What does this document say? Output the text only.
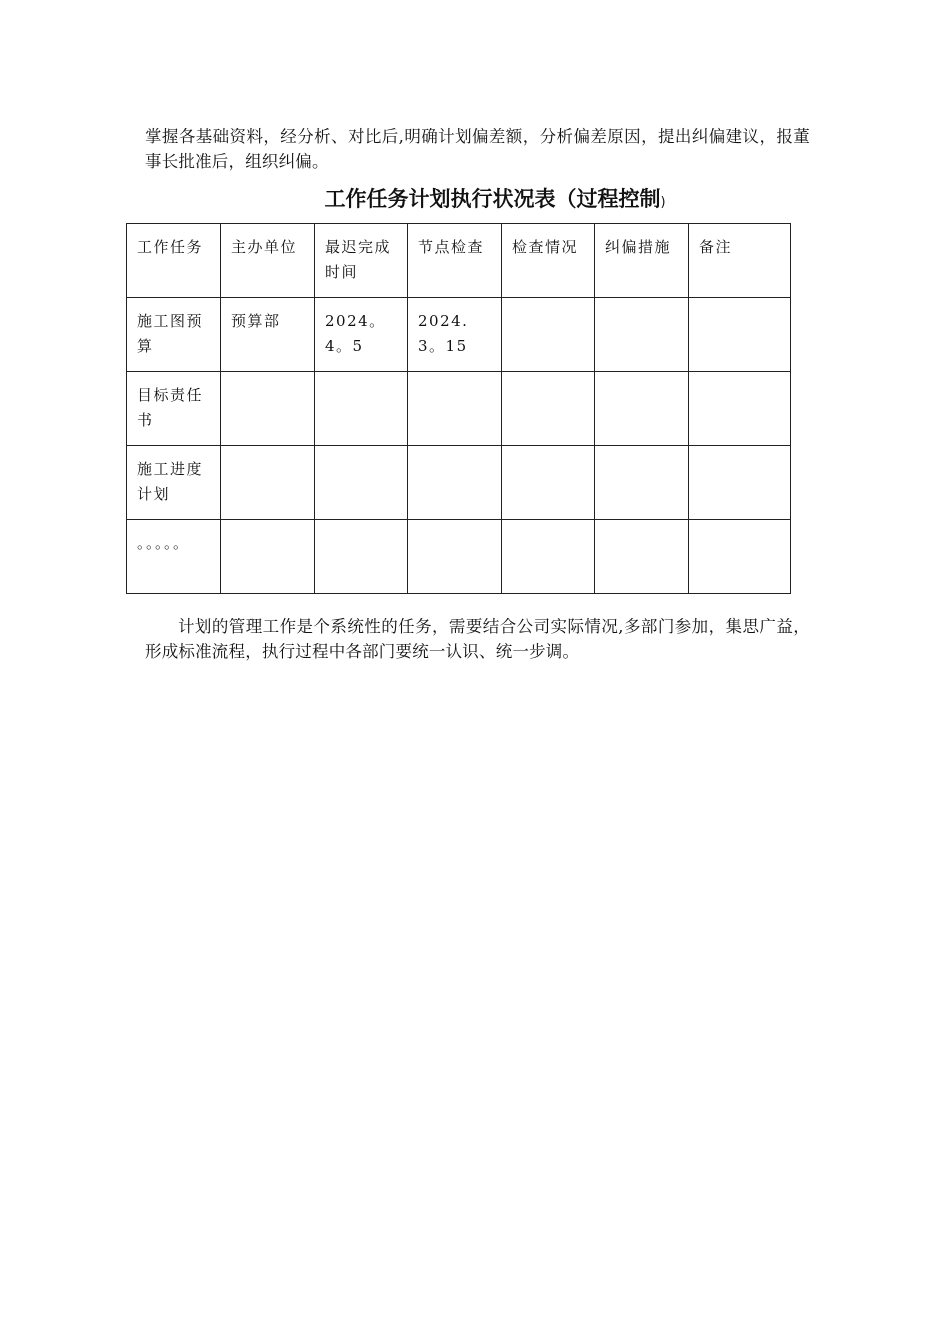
掌握各基础资料，经分析、对比后,明确计划偏差额，分析偏差原因，提出纠偏建议，报董事长批准后，组织纠偏。

工作任务计划执行状况表（过程控制)
工作任务	主办单位	最迟完成时间	节点检查	检查情况	纠偏措施	备注
施工图预算	预算部	2024。4。5	2024.3。15			
目标责任书						
施工进度计划						
。。。。。						

计划的管理工作是个系统性的任务，需要结合公司实际情况,多部门参加，集思广益，形成标准流程，执行过程中各部门要统一认识、统一步调。
